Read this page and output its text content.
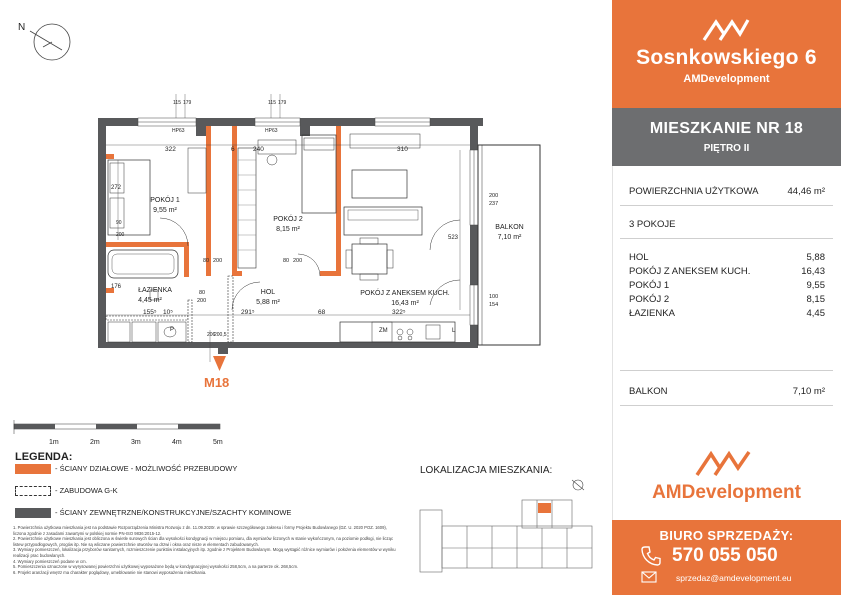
N
POKÓJ 1
9,55 m²
POKÓJ 2
8,15 m²
ŁAZIENKA
4,45 m²
HOL
5,88 m²
POKÓJ Z ANEKSEM KUCH.
16,43 m²
BALKON
7,10 m²
322	6	240	310
HP63	HP63
272
523
200
237
100
154
291⁵	68	322⁵
155⁵ 10⁵
176
80
200
80 200	80 200
115 179	115 179
206
200,5
200
90
ZM
P	L
M18
1m	2m	3m	4m	5m
LEGENDA:
- ŚCIANY DZIAŁOWE - MOŻLIWOŚĆ PRZEBUDOWY
- ZABUDOWA G-K
- ŚCIANY ZEWNĘTRZNE/KONSTRUKCYJNE/SZACHTY KOMINOWE
1. Powierzchnia użytkowa mieszkania jest na podstawie Rozporządzenia Ministra Rozwoju z dn. 11.09.2020r. w sprawie szczegółowego zakresu i formy Projektu Budowlanego (DZ. U. 2020 POZ. 1609), liczona zgodnie z zasadami zawartymi w polskiej normie PN-ISO 9836:2015-12.
2. Powierzchnie użytkowe mieszkania jest obliczona w świetle surowych ścian dla wysokości kondygnacji w miejscu pomiaru, dla wymiarów liczonych w stanie wykończonym, na poziomie podłogi, nie licząc listew przypodłogowych, progów itp. Nie są wliczane powierzchnie otworów na drzwi i okna oraz nisze w elementach zabudowanych.
3. Wymiary pomieszczeń, lokalizacja przyborów sanitarnych, rozmieszczenie punktów instalacyjnych itp. zgodnie z Projektem Budowlanym. Mogą wystąpić różnice wymiarów i położenia elementów w wyniku realizacji prac budowlanych.
4. Wymiary pomieszczeń podane w cm.
5. Pomieszczenia oznaczone w wyrysowanej powierzchni użytkowej wyposażone będą w kondygnacyjnej wysokości 258,5cm, a na parterze ok. 268,5cm.
6. Projekt aranżacji wnętrz ma charakter poglądowy, umeblowanie nie stanowi wyposażenia mieszkania.
LOKALIZACJA MIESZKANIA:
Sosnkowskiego 6
AMDevelopment
MIESZKANIE NR 18
PIĘTRO II
POWIERZCHNIA UŻYTKOWA	44,46 m²
3 POKOJE
HOL	5,88
POKÓJ Z ANEKSEM KUCH.	16,43
POKÓJ 1	9,55
POKÓJ 2	8,15
ŁAZIENKA	4,45
BALKON	7,10 m²
AMDevelopment
BIURO SPRZEDAŻY:
570 055 050
sprzedaz@amdevelopment.eu
